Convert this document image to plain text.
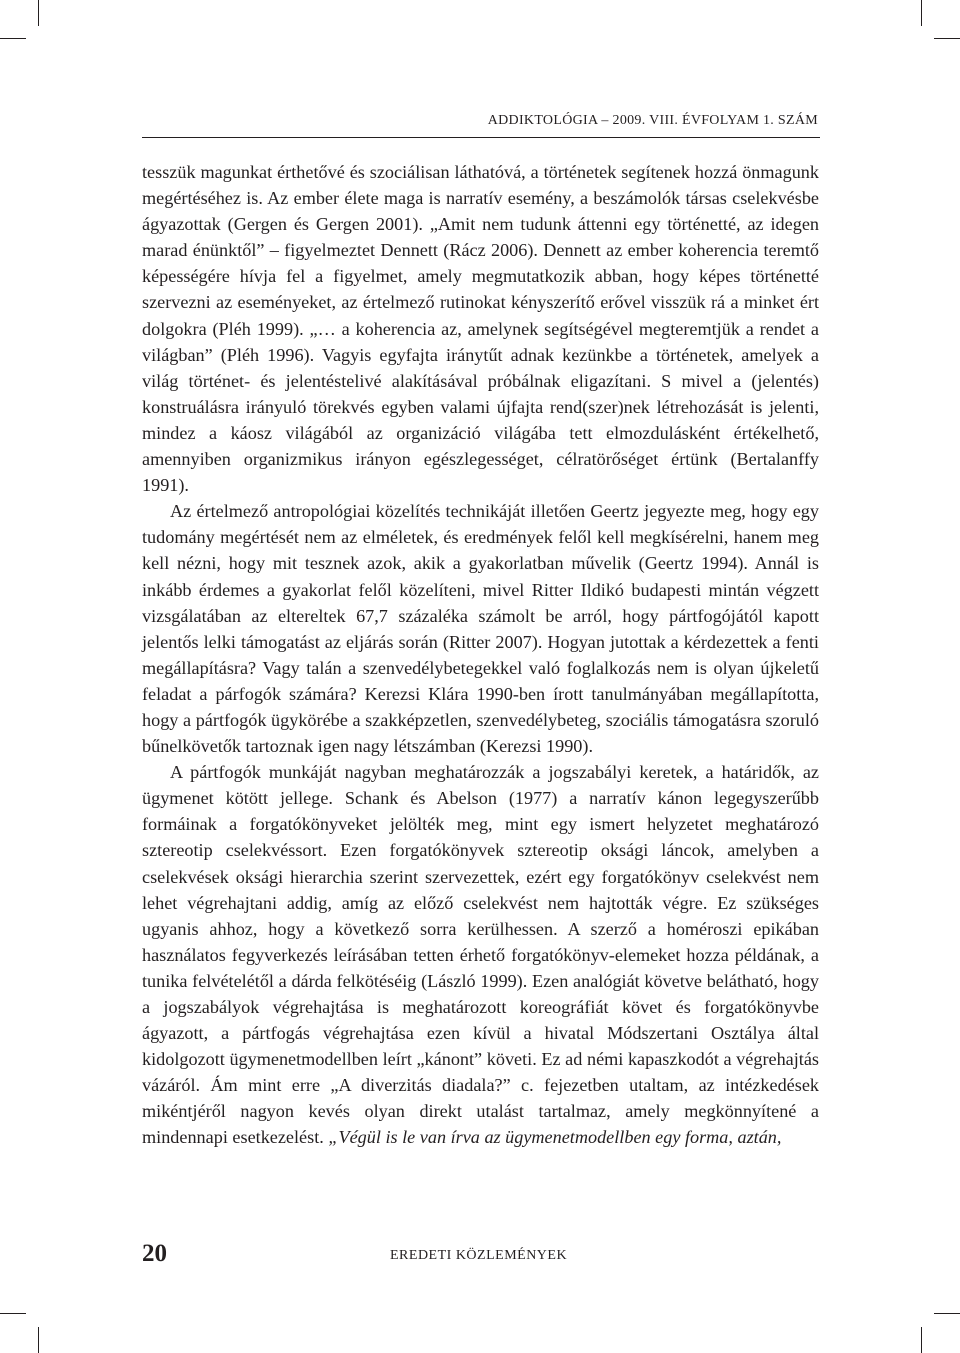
ADDIKTOLÓGIA – 2009. VIII. ÉVFOLYAM 1. SZÁM

tesszük magunkat érthetővé és szociálisan láthatóvá, a történetek segítenek hozzá önmagunk megértéséhez is. Az ember élete maga is narratív esemény, a beszámolók társas cselekvésbe ágyazottak (Gergen és Gergen 2001). „Amit nem tudunk áttenni egy történetté, az idegen marad énünktől” – figyelmeztet Dennett (Rácz 2006). Dennett az ember koherencia teremtő képességére hívja fel a figyelmet, amely megmutatkozik abban, hogy képes történetté szervezni az eseményeket, az értelmező rutinokat kényszerítő erővel visszük rá a minket ért dolgokra (Pléh 1999). „… a koherencia az, amelynek segítségével megteremtjük a rendet a világban” (Pléh 1996). Vagyis egyfajta iránytűt adnak kezünkbe a történetek, amelyek a világ történet- és jelentéstelivé alakításával próbálnak eligazítani. S mivel a (jelentés) konstruálásra irányuló törekvés egyben valami újfajta rend(szer)nek létrehozását is jelenti, mindez a káosz világából az organizáció világába tett elmozdulásként értékelhető, amennyiben organizmikus irányon egészlegességet, célratörőséget értünk (Bertalanffy 1991).

Az értelmező antropológiai közelítés technikáját illetően Geertz jegyezte meg, hogy egy tudomány megértését nem az elméletek, és eredmények felől kell megkísérelni, hanem meg kell nézni, hogy mit tesznek azok, akik a gyakorlatban művelik (Geertz 1994). Annál is inkább érdemes a gyakorlat felől közelíteni, mivel Ritter Ildikó budapesti mintán végzett vizsgálatában az eltereltek 67,7 százaléka számolt be arról, hogy pártfogójától kapott jelentős lelki támogatást az eljárás során (Ritter 2007). Hogyan jutottak a kérdezettek a fenti megállapításra? Vagy talán a szenvedélybetegekkel való foglalkozás nem is olyan újkeletű feladat a párfogók számára? Kerezsi Klára 1990-ben írott tanulmányában megállapította, hogy a pártfogók ügykörébe a szakképzetlen, szenvedélybeteg, szociális támogatásra szoruló bűnelkövetők tartoznak igen nagy létszámban (Kerezsi 1990).

A pártfogók munkáját nagyban meghatározzák a jogszabályi keretek, a határidők, az ügymenet kötött jellege. Schank és Abelson (1977) a narratív kánon legegyszerűbb formáinak a forgatókönyveket jelölték meg, mint egy ismert helyzetet meghatározó sztereotip cselekvéssort. Ezen forgatókönyvek sztereotip oksági láncok, amelyben a cselekvések oksági hierarchia szerint szervezettek, ezért egy forgatókönyv cselekvést nem lehet végrehajtani addig, amíg az előző cselekvést nem hajtották végre. Ez szükséges ugyanis ahhoz, hogy a következő sorra kerülhessen. A szerző a homéroszi epikában használatos fegyverkezés leírásában tetten érhető forgatókönyv-elemeket hozza példának, a tunika felvételétől a dárda felkötéséig (László 1999). Ezen analógiát követve belátható, hogy a jogszabályok végrehajtása is meghatározott koreográfiát követ és forgatókönyvbe ágyazott, a pártfogás végrehajtása ezen kívül a hivatal Módszertani Osztálya által kidolgozott ügymenetmodellben leírt „kánont” követi. Ez ad némi kapaszkodót a végrehajtás vázáról. Ám mint erre „A diverzitás diadala?” c. fejezetben utaltam, az intézkedések mikéntjéről nagyon kevés olyan direkt utalást tartalmaz, amely megkönnyítené a mindennapi esetkezelést. „Végül is le van írva az ügymenetmodellben egy forma, aztán,

20	EREDETI KÖZLEMÉNYEK
